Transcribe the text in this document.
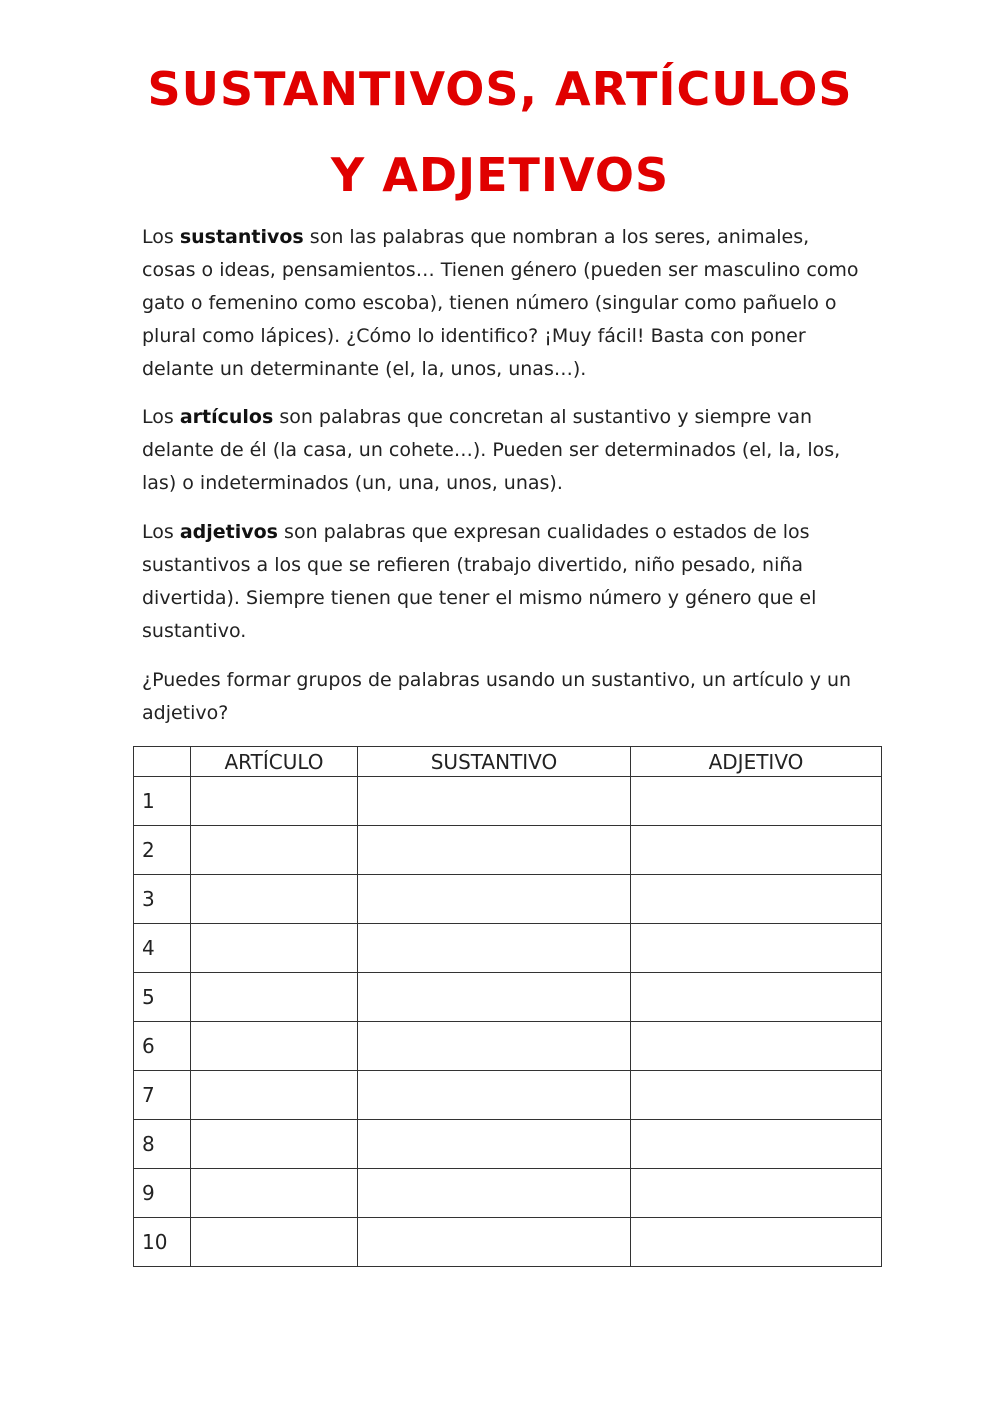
SUSTANTIVOS, ARTÍCULOS
Y ADJETIVOS

Los sustantivos son las palabras que nombran a los seres, animales, cosas o ideas, pensamientos… Tienen género (pueden ser masculino como gato o femenino como escoba), tienen número (singular como pañuelo o plural como lápices). ¿Cómo lo identifico? ¡Muy fácil! Basta con poner delante un determinante (el, la, unos, unas…).

Los artículos son palabras que concretan al sustantivo y siempre van delante de él (la casa, un cohete…). Pueden ser determinados (el, la, los, las) o indeterminados (un, una, unos, unas).

Los adjetivos son palabras que expresan cualidades o estados de los sustantivos a los que se refieren (trabajo divertido, niño pesado, niña divertida). Siempre tienen que tener el mismo número y género que el sustantivo.

¿Puedes formar grupos de palabras usando un sustantivo, un artículo y un adjetivo?

	ARTÍCULO	SUSTANTIVO	ADJETIVO
1			
2			
3			
4			
5			
6			
7			
8			
9			
10			
